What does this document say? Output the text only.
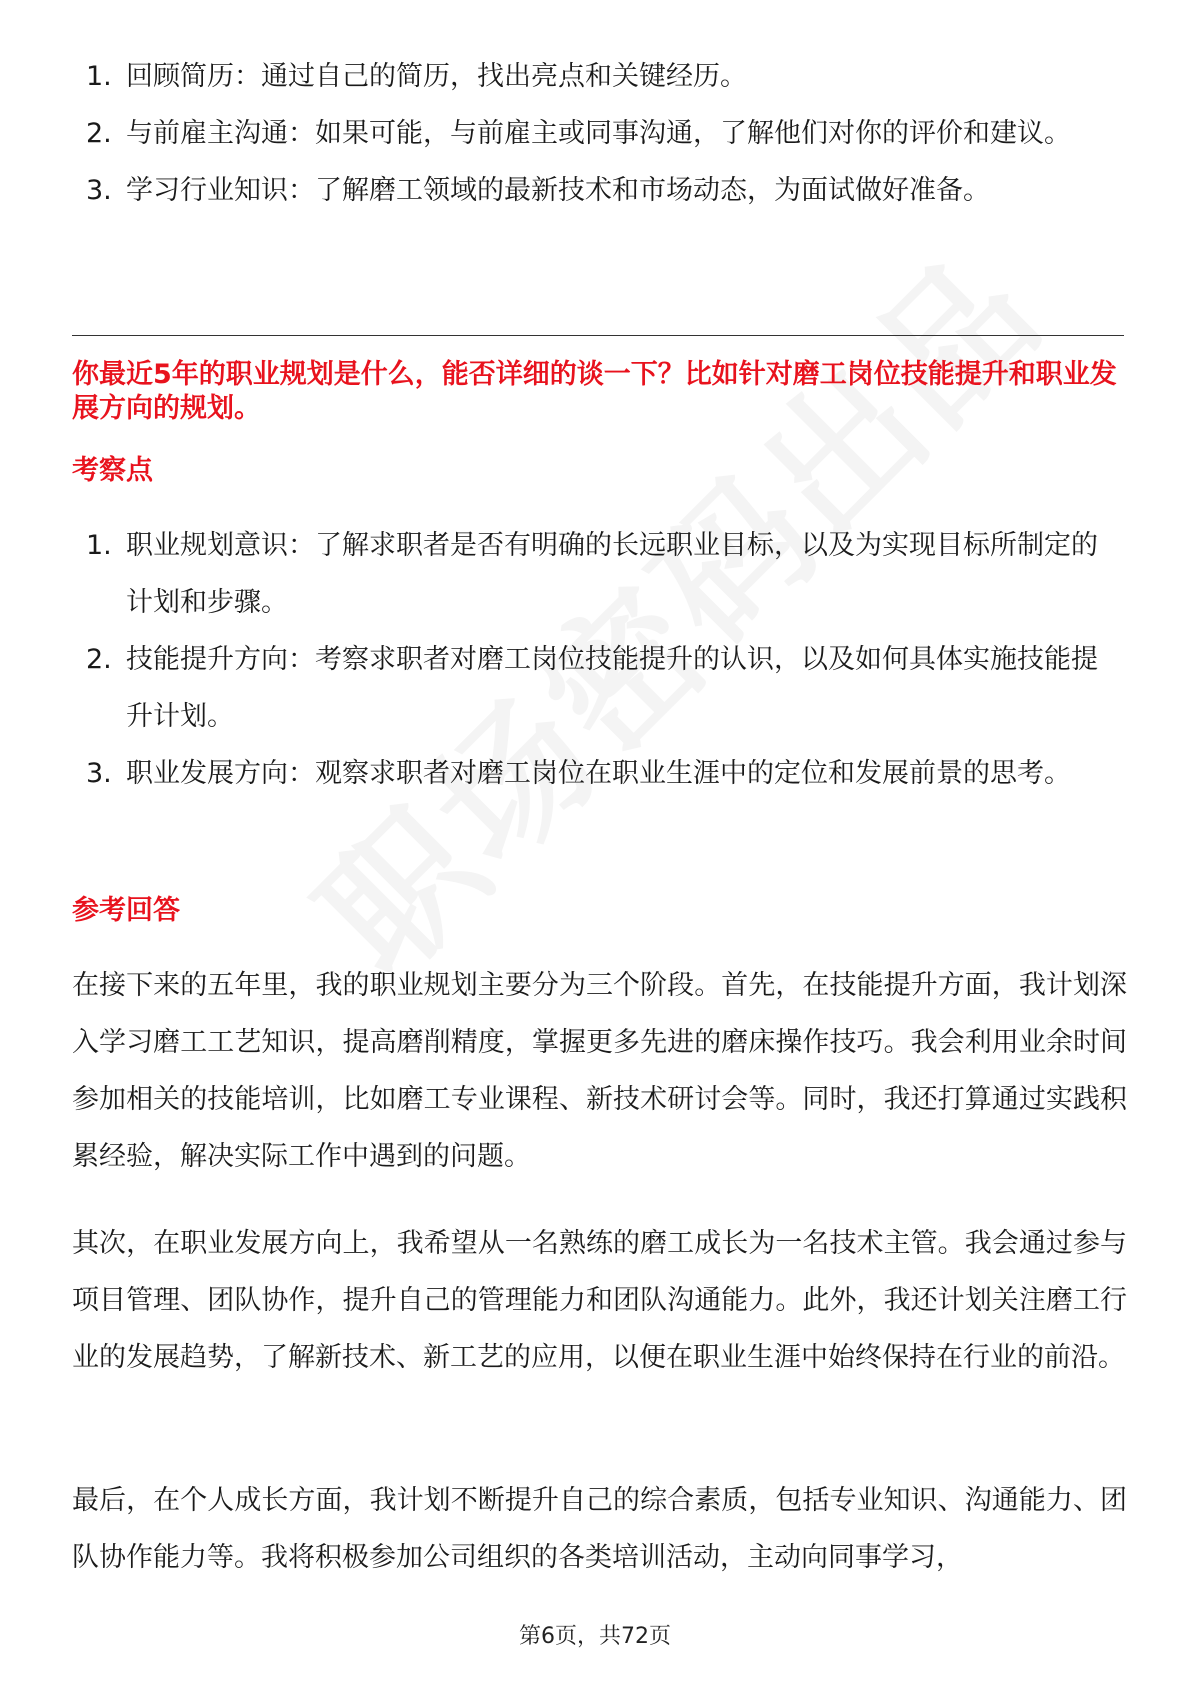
1. 回顾简历：通过自己的简历，找出亮点和关键经历。
2. 与前雇主沟通：如果可能，与前雇主或同事沟通，了解他们对你的评价和建议。
3. 学习行业知识：了解磨工领域的最新技术和市场动态，为面试做好准备。
你最近5年的职业规划是什么，能否详细的谈一下？比如针对磨工岗位技能提升和职业发展方向的规划。
考察点
1. 职业规划意识：了解求职者是否有明确的长远职业目标，以及为实现目标所制定的计划和步骤。
2. 技能提升方向：考察求职者对磨工岗位技能提升的认识，以及如何具体实施技能提升计划。
3. 职业发展方向：观察求职者对磨工岗位在职业生涯中的定位和发展前景的思考。
参考回答

在接下来的五年里，我的职业规划主要分为三个阶段。首先，在技能提升方面，我计划深入学习磨工工艺知识，提高磨削精度，掌握更多先进的磨床操作技巧。我会利用业余时间参加相关的技能培训，比如磨工专业课程、新技术研讨会等。同时，我还打算通过实践积累经验，解决实际工作中遇到的问题。

其次，在职业发展方向上，我希望从一名熟练的磨工成长为一名技术主管。我会通过参与项目管理、团队协作，提升自己的管理能力和团队沟通能力。此外，我还计划关注磨工行业的发展趋势，了解新技术、新工艺的应用，以便在职业生涯中始终保持在行业的前沿。

最后，在个人成长方面，我计划不断提升自己的综合素质，包括专业知识、沟通能力、团队协作能力等。我将积极参加公司组织的各类培训活动，主动向同事学习，

第6页，共72页
